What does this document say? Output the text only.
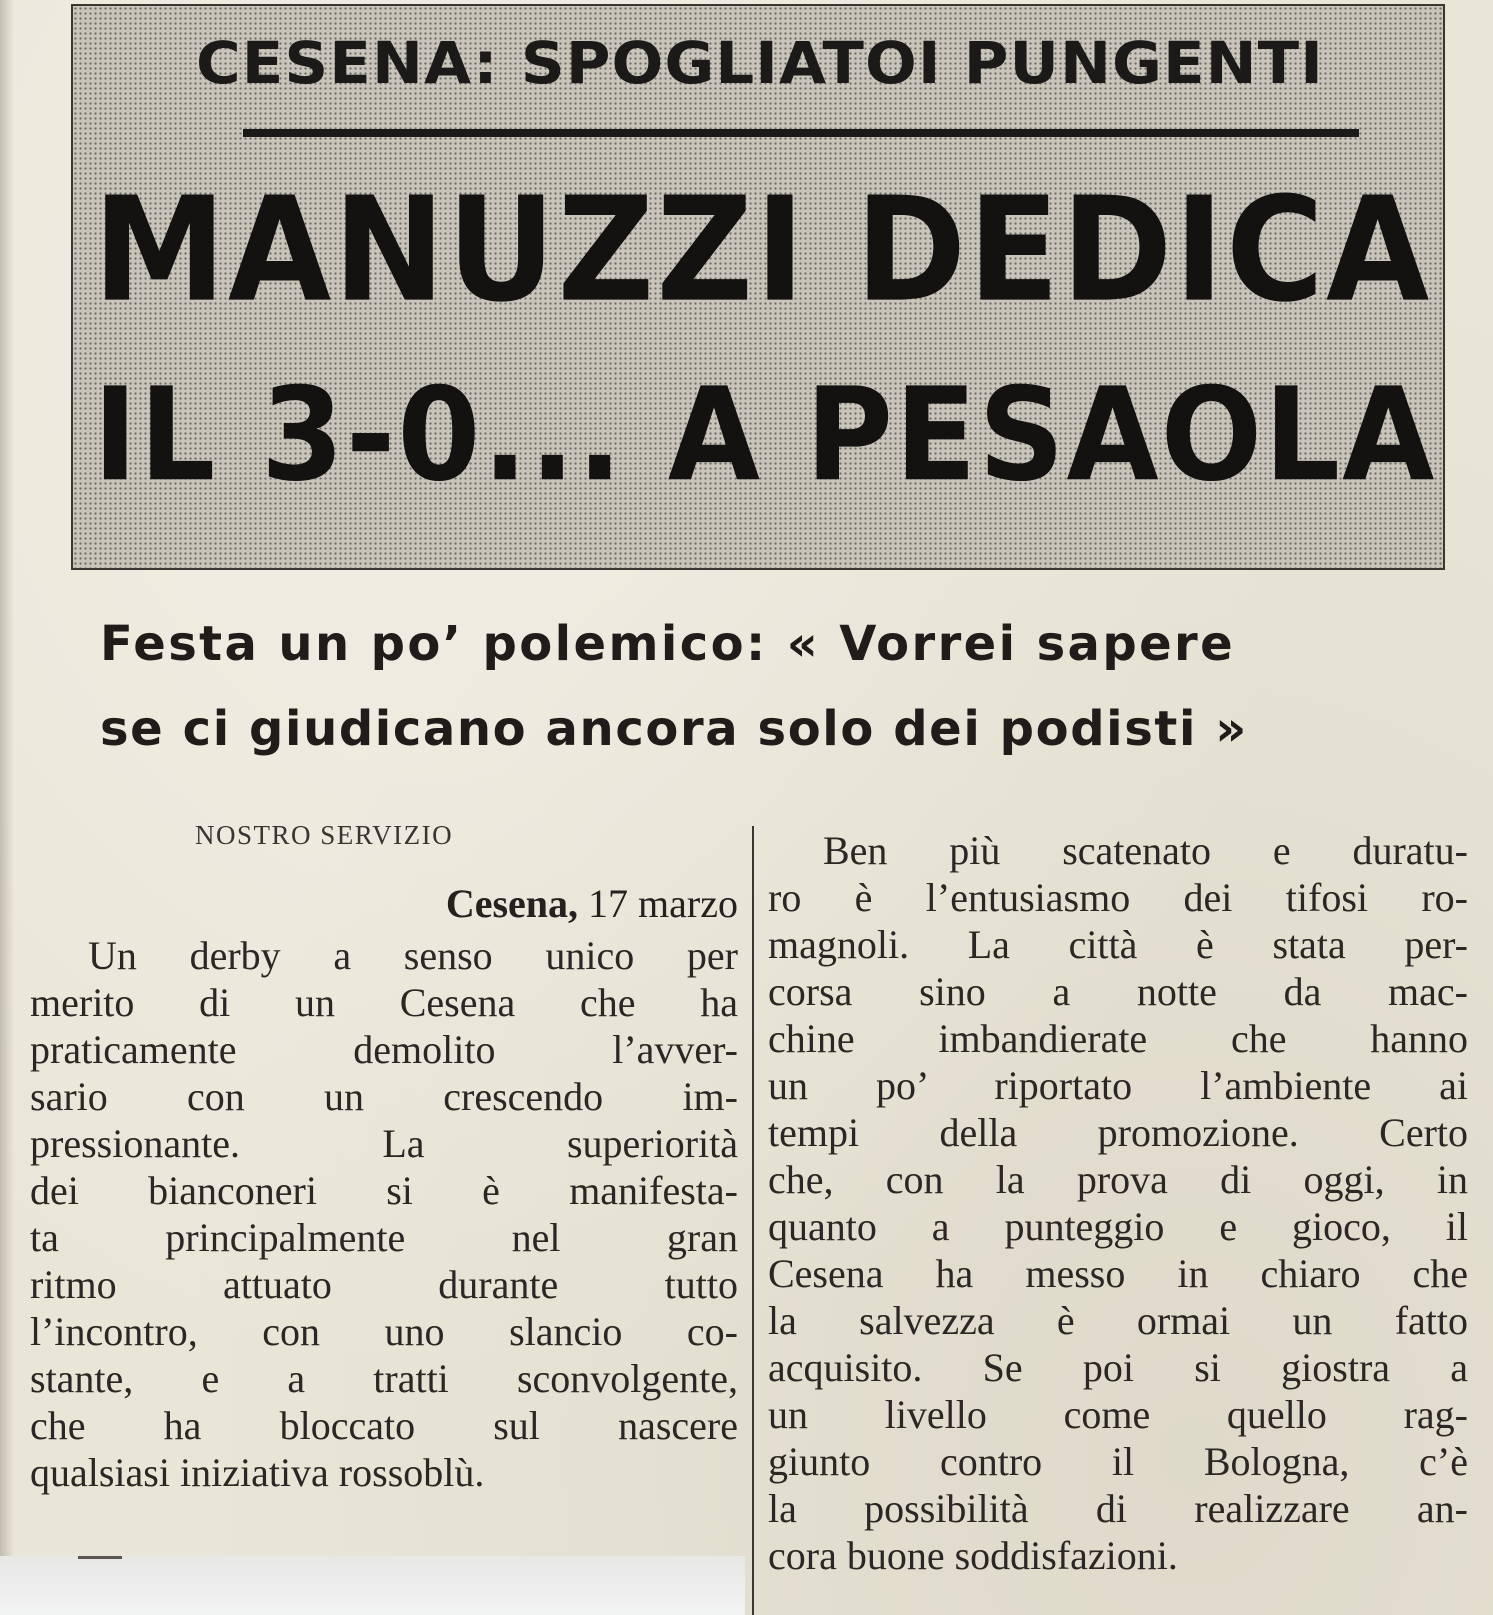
CESENA: SPOGLIATOI PUNGENTI
MANUZZI DEDICA
IL 3-0... A PESAOLA
Festa un po’ polemico: « Vorrei sapere
se ci giudicano ancora solo dei podisti »
NOSTRO SERVIZIO
Cesena, 17 marzo
Un derby a senso unico per
merito di un Cesena che ha
praticamente demolito l’avver-
sario con un crescendo im-
pressionante. La superiorità
dei bianconeri si è manifesta-
ta principalmente nel gran
ritmo attuato durante tutto
l’incontro, con uno slancio co-
stante, e a tratti sconvolgente,
che ha bloccato sul nascere
qualsiasi iniziativa rossoblù.
Ben più scatenato e duratu-
ro è l’entusiasmo dei tifosi ro-
magnoli. La città è stata per-
corsa sino a notte da mac-
chine imbandierate che hanno
un po’ riportato l’ambiente ai
tempi della promozione. Certo
che, con la prova di oggi, in
quanto a punteggio e gioco, il
Cesena ha messo in chiaro che
la salvezza è ormai un fatto
acquisito. Se poi si giostra a
un livello come quello rag-
giunto contro il Bologna, c’è
la possibilità di realizzare an-
cora buone soddisfazioni.
